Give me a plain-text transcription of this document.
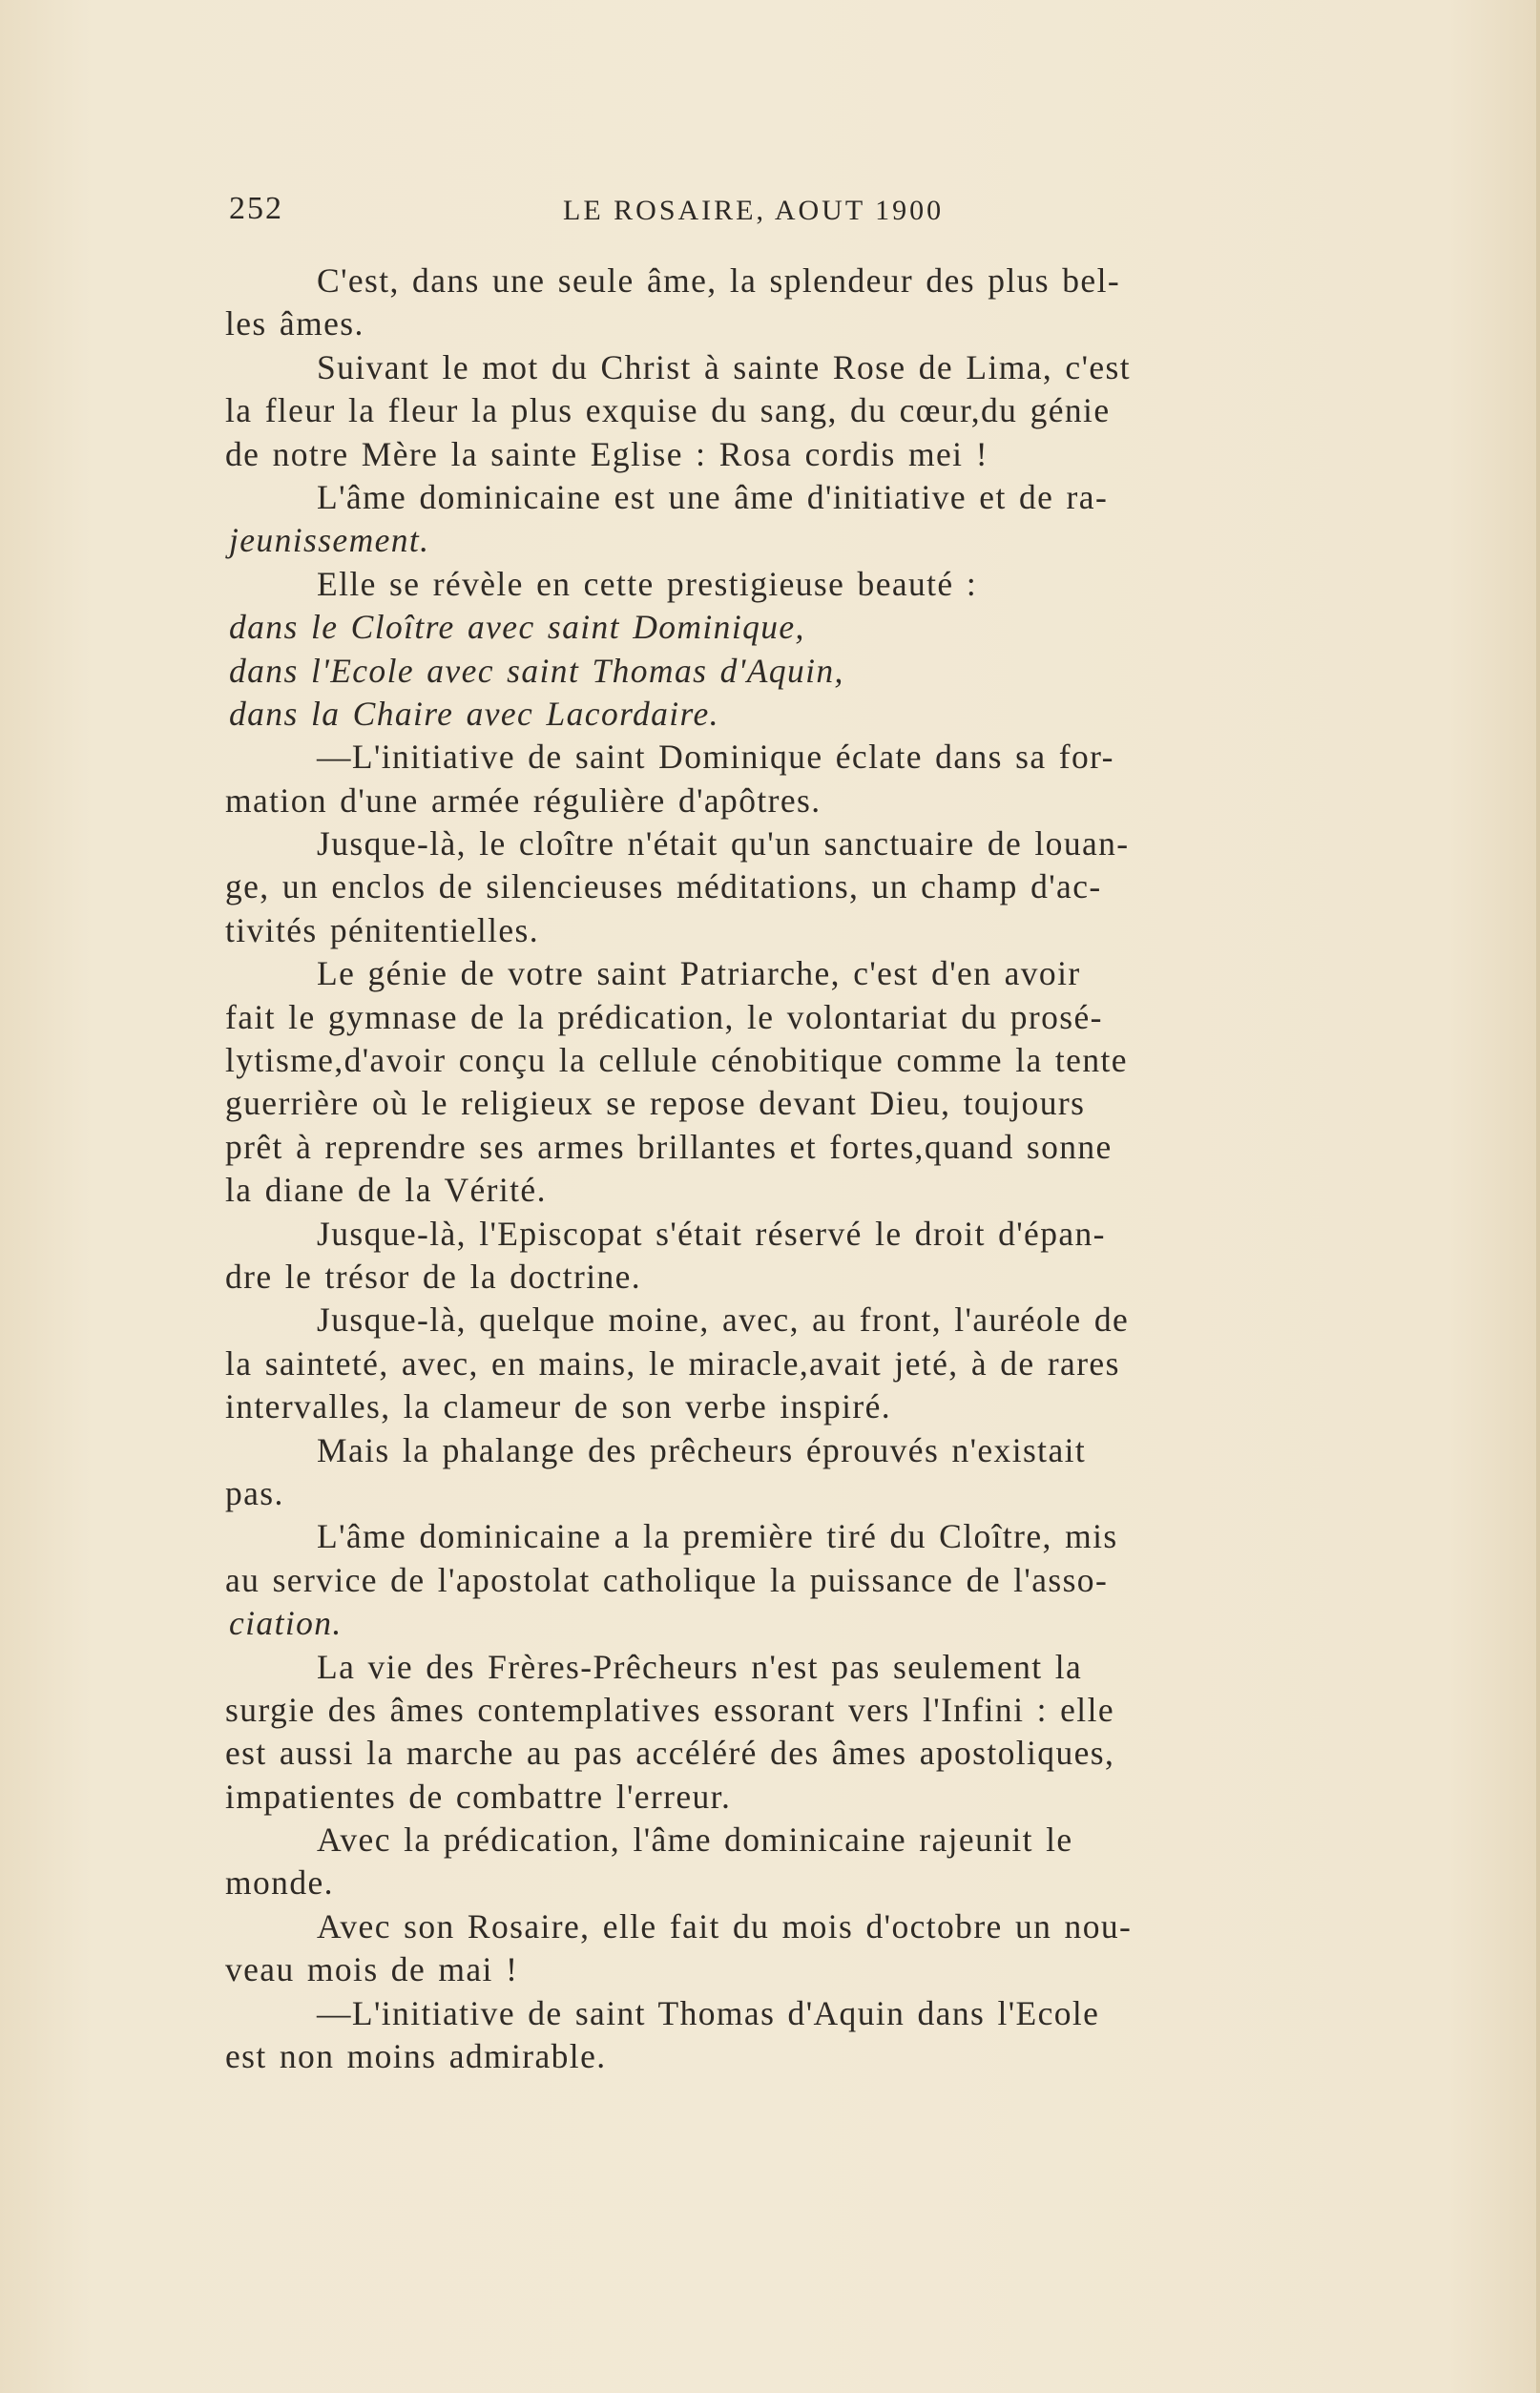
252	LE ROSAIRE, AOUT 1900
C'est, dans une seule âme, la splendeur des plus bel-
les âmes.
Suivant le mot du Christ à sainte Rose de Lima, c'est
la fleur la fleur la plus exquise du sang, du cœur,du génie
de notre Mère la sainte Eglise : Rosa cordis mei !
L'âme dominicaine est une âme d'initiative et de ra-
jeunissement.
Elle se révèle en cette prestigieuse beauté :
dans le Cloître avec saint Dominique,
dans l'Ecole avec saint Thomas d'Aquin,
dans la Chaire avec Lacordaire.
—L'initiative de saint Dominique éclate dans sa for-
mation d'une armée régulière d'apôtres.
Jusque-là, le cloître n'était qu'un sanctuaire de louan-
ge, un enclos de silencieuses méditations, un champ d'ac-
tivités pénitentielles.
Le génie de votre saint Patriarche, c'est d'en avoir
fait le gymnase de la prédication, le volontariat du prosé-
lytisme,d'avoir conçu la cellule cénobitique comme la tente
guerrière où le religieux se repose devant Dieu, toujours
prêt à reprendre ses armes brillantes et fortes,quand sonne
la diane de la Vérité.
Jusque-là, l'Episcopat s'était réservé le droit d'épan-
dre le trésor de la doctrine.
Jusque-là, quelque moine, avec, au front, l'auréole de
la sainteté, avec, en mains, le miracle,avait jeté, à de rares
intervalles, la clameur de son verbe inspiré.
Mais la phalange des prêcheurs éprouvés n'existait
pas.
L'âme dominicaine a la première tiré du Cloître, mis
au service de l'apostolat catholique la puissance de l'asso-
ciation.
La vie des Frères-Prêcheurs n'est pas seulement la
surgie des âmes contemplatives essorant vers l'Infini : elle
est aussi la marche au pas accéléré des âmes apostoliques,
impatientes de combattre l'erreur.
Avec la prédication, l'âme dominicaine rajeunit le
monde.
Avec son Rosaire, elle fait du mois d'octobre un nou-
veau mois de mai !
—L'initiative de saint Thomas d'Aquin dans l'Ecole
est non moins admirable.
